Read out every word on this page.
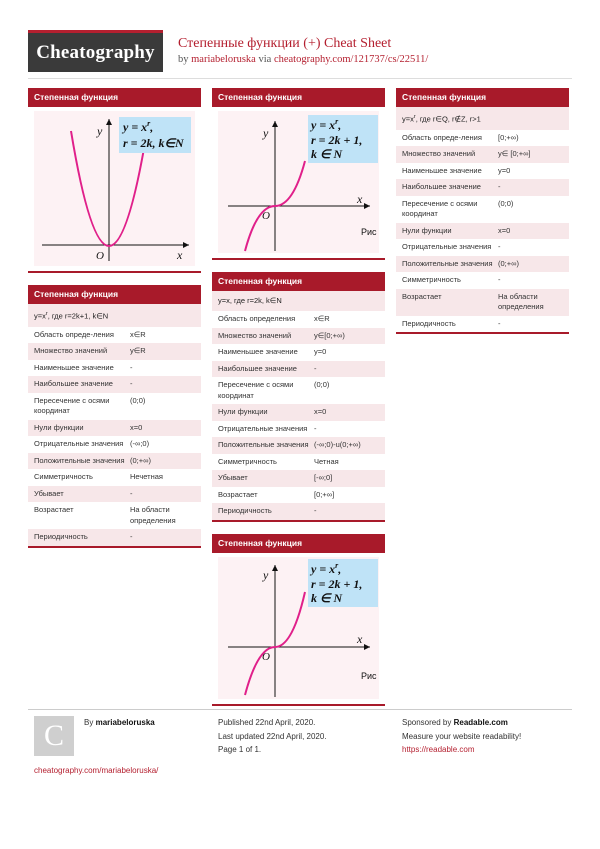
Cheatography	Степенные функции (+) Cheat Sheet
by mariabeloruska via cheatography.com/121737/cs/22511/
Степенная функция
$y = x^r$,
r = 2k, k∈N
y
x
O
Степенная функция
$y=x^r$, где r=2k+1, k∈N
Область опреде-ления	x∈R
Множество значений	y∈R
Наименьшее значение	-
Наибольшее значение	-
Пересечение с осями координат
(0;0)
Нули функции	x=0
Отрицательные значения (-∞;0)
Положительные значения (0;+∞)
Симметричность	Нечетная
Убывает	-
Возрастает	На области определения
Периодичность	-
Степенная функция
$y = x^r$,
r = 2k + 1,
k ∈ N
y
x
O
Рис
Степенная функция
y=x, где r=2k, k∈N
Область определения	x∈R
Множество значений	y∈[0;+∞)
Наименьшее значение	y=0
Наибольшее значение	-
Пересечение с осями координат
(0;0)
Нули функции	x=0
Отрицательные значения -
Положительные значения (-∞;0)-u(0;+∞)
Симметричность	Четная
Убывает	[-∞;0]
Возрастает	[0;+∞]
Периодичность	-
Степенная функция
$y = x^r$,
r = 2k + 1,
k ∈ N
y
x
O
Рис
Степенная функция
$y=x^r$, где r∈Q, r∉Z, r>1
Область опреде-ления	[0;+∞)
Множество значений	y∈ [0;+∞]
Наименьшее значение	y=0
Наибольшее значение	-
Пересечение с осями координат
(0;0)
Нули функции	x=0
Отрицательные значения -
Положительные значения (0;+∞)
Симметричность	-
Возрастает	На области определения
Периодичность	-
C	By mariabeloruska
cheatography.com/mariabeloruska/
Published 22nd April, 2020.
Last updated 22nd April, 2020.
Page 1 of 1.
Sponsored by Readable.com
Measure your website readability!
https://readable.com
